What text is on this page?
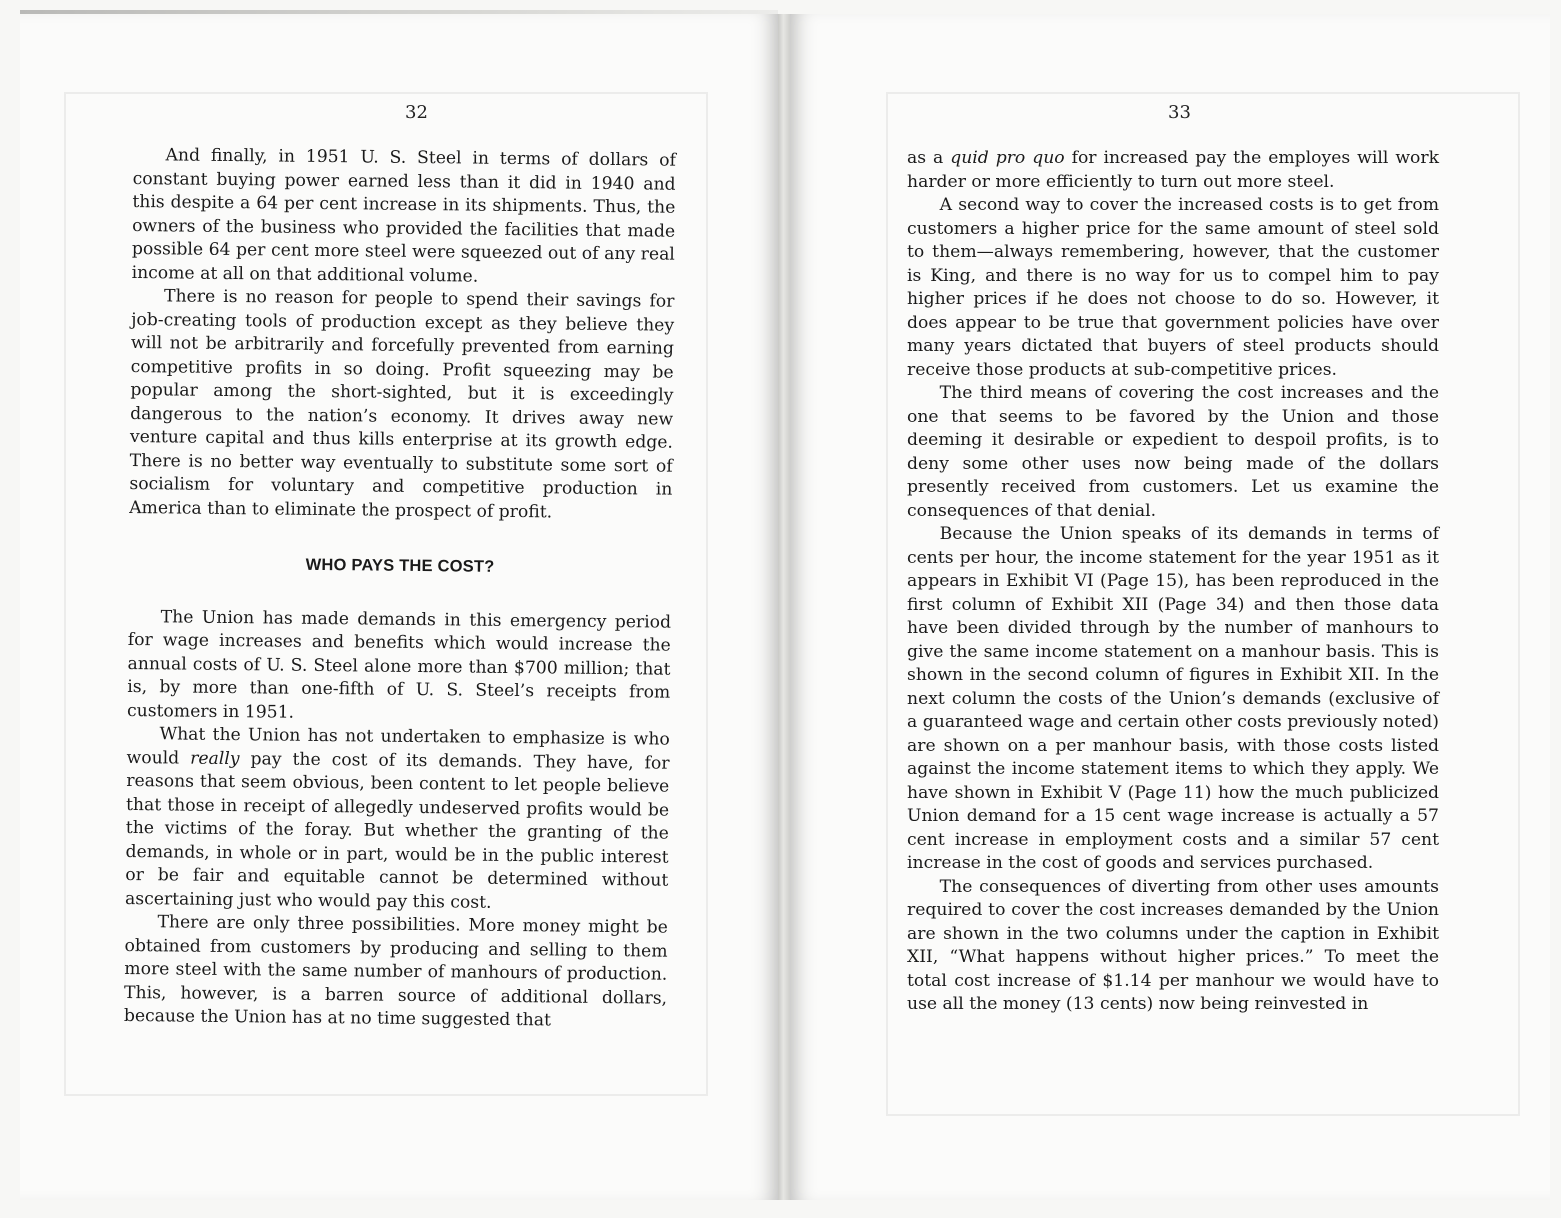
32

And finally, in 1951 U. S. Steel in terms of dollars of constant buying power earned less than it did in 1940 and this despite a 64 per cent increase in its shipments. Thus, the owners of the business who provided the facilities that made possible 64 per cent more steel were squeezed out of any real income at all on that additional volume.

There is no reason for people to spend their savings for job-creating tools of production except as they believe they will not be arbitrarily and forcefully prevented from earning competitive profits in so doing. Profit squeezing may be popular among the short-sighted, but it is exceedingly dangerous to the nation’s economy. It drives away new venture capital and thus kills enterprise at its growth edge. There is no better way eventually to substitute some sort of socialism for voluntary and competitive production in America than to eliminate the prospect of profit.

WHO PAYS THE COST?

The Union has made demands in this emergency period for wage increases and benefits which would increase the annual costs of U. S. Steel alone more than $700 million; that is, by more than one-fifth of U. S. Steel’s receipts from customers in 1951.

What the Union has not undertaken to emphasize is who would really pay the cost of its demands. They have, for reasons that seem obvious, been content to let people believe that those in receipt of allegedly undeserved profits would be the victims of the foray. But whether the granting of the demands, in whole or in part, would be in the public interest or be fair and equitable cannot be determined without ascertaining just who would pay this cost.

There are only three possibilities. More money might be obtained from customers by producing and selling to them more steel with the same number of manhours of production. This, however, is a barren source of additional dollars, because the Union has at no time suggested that

33

as a quid pro quo for increased pay the employes will work harder or more efficiently to turn out more steel.

A second way to cover the increased costs is to get from customers a higher price for the same amount of steel sold to them—always remembering, however, that the customer is King, and there is no way for us to compel him to pay higher prices if he does not choose to do so. However, it does appear to be true that government policies have over many years dictated that buyers of steel products should receive those products at sub-competitive prices.

The third means of covering the cost increases and the one that seems to be favored by the Union and those deeming it desirable or expedient to despoil profits, is to deny some other uses now being made of the dollars presently received from customers. Let us examine the consequences of that denial.

Because the Union speaks of its demands in terms of cents per hour, the income statement for the year 1951 as it appears in Exhibit VI (Page 15), has been reproduced in the first column of Exhibit XII (Page 34) and then those data have been divided through by the number of manhours to give the same income statement on a manhour basis. This is shown in the second column of figures in Exhibit XII. In the next column the costs of the Union’s demands (exclusive of a guaranteed wage and certain other costs previously noted) are shown on a per manhour basis, with those costs listed against the income statement items to which they apply. We have shown in Exhibit V (Page 11) how the much publicized Union demand for a 15 cent wage increase is actually a 57 cent increase in employment costs and a similar 57 cent increase in the cost of goods and services purchased.

The consequences of diverting from other uses amounts required to cover the cost increases demanded by the Union are shown in the two columns under the caption in Exhibit XII, “What happens without higher prices.” To meet the total cost increase of $1.14 per manhour we would have to use all the money (13 cents) now being reinvested in
